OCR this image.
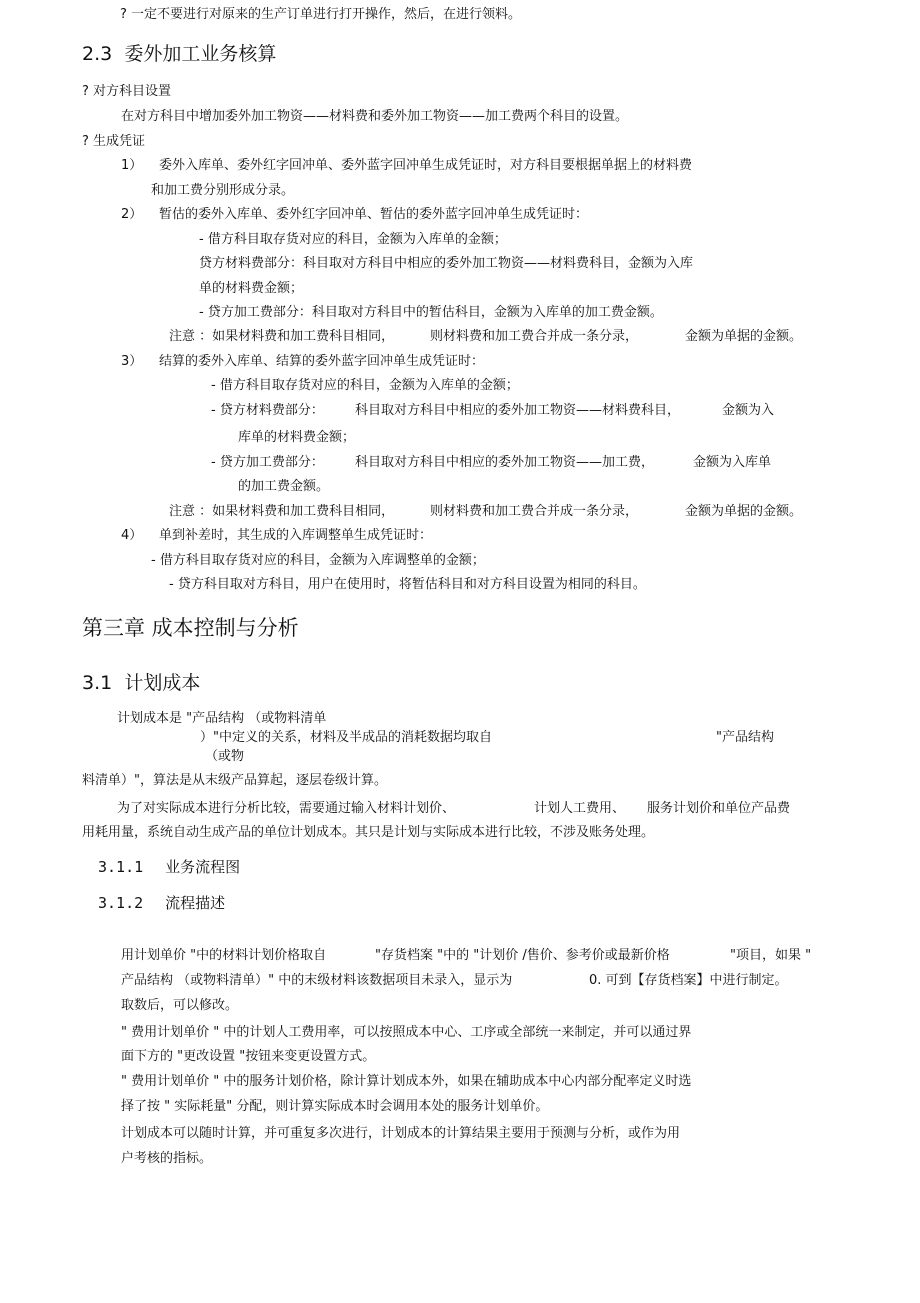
? 一定不要进行对原来的生产订单进行打开操作，然后，在进行领料。
2.3 委外加工业务核算
? 对方科目设置
在对方科目中增加委外加工物资——材料费和委外加工物资——加工费两个科目的设置。
? 生成凭证
1） 委外入库单、委外红字回冲单、委外蓝字回冲单生成凭证时，对方科目要根据单据上的材料费
和加工费分别形成分录。
2） 暂估的委外入库单、委外红字回冲单、暂估的委外蓝字回冲单生成凭证时：
- 借方科目取存货对应的科目，金额为入库单的金额；
贷方材料费部分：科目取对方科目中相应的委外加工物资——材料费科目，金额为入库
单的材料费金额；
- 贷方加工费部分：科目取对方科目中的暂估科目，金额为入库单的加工费金额。
注意 ：如果材料费和加工费科目相同，	则材料费和加工费合并成一条分录，	金额为单据的金额。
3） 结算的委外入库单、结算的委外蓝字回冲单生成凭证时：
- 借方科目取存货对应的科目，金额为入库单的金额；
- 贷方材料费部分： 科目取对方科目中相应的委外加工物资——材料费科目，	金额为入
库单的材料费金额；
- 贷方加工费部分： 科目取对方科目中相应的委外加工物资——加工费，	金额为入库单
的加工费金额。
注意 ：如果材料费和加工费科目相同，	则材料费和加工费合并成一条分录，	金额为单据的金额。
4） 单到补差时，其生成的入库调整单生成凭证时：
- 借方科目取存货对应的科目，金额为入库调整单的金额；
- 贷方科目取对方科目，用户在使用时，将暂估科目和对方科目设置为相同的科目。
第三章 成本控制与分析
3.1 计划成本
计划成本是 "产品结构 （或物料清单
）"中定义的关系，材料及半成品的消耗数据均取自	"产品结构
（或物
料清单）"，算法是从末级产品算起，逐层卷级计算。
为了对实际成本进行分析比较，需要通过输入材料计划价、	计划人工费用、 服务计划价和单位产品费
用耗用量，系统自动生成产品的单位计划成本。其只是计划与实际成本进行比较，不涉及账务处理。
3.1.1 业务流程图
3.1.2 流程描述
用计划单价 "中的材料计划价格取自	"存货档案 "中的 "计划价 /售价、参考价或最新价格	"项目，如果 "
产品结构 （或物料清单）" 中的末级材料该数据项目未录入，显示为	0. 可到【存货档案】中进行制定。
取数后，可以修改。
" 费用计划单价 " 中的计划人工费用率，可以按照成本中心、工序或全部统一来制定，并可以通过界
面下方的 "更改设置 "按钮来变更设置方式。
" 费用计划单价 " 中的服务计划价格，除计算计划成本外，如果在辅助成本中心内部分配率定义时选
择了按 " 实际耗量" 分配，则计算实际成本时会调用本处的服务计划单价。
计划成本可以随时计算，并可重复多次进行，计划成本的计算结果主要用于预测与分析，或作为用
户考核的指标。
